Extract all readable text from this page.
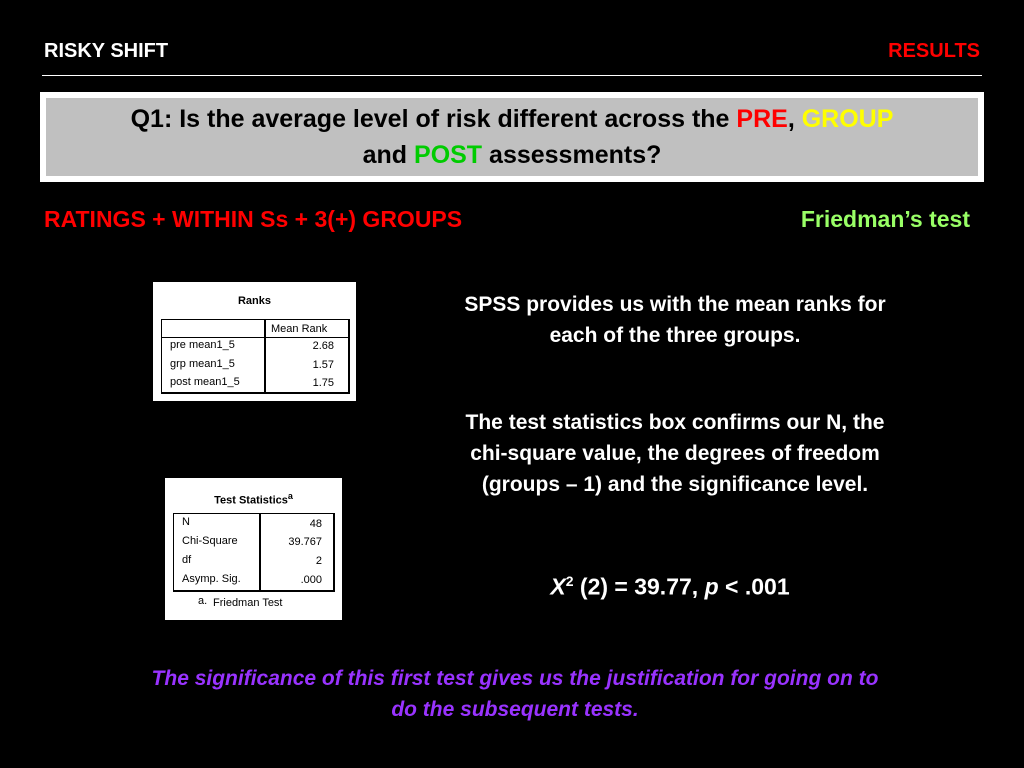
RISKY SHIFT	RESULTS
Q1: Is the average level of risk different across the PRE, GROUP
and POST assessments?
RATINGS + WITHIN Ss + 3(+) GROUPS	Friedman’s test
Ranks
Mean Rank
pre mean1_5	2.68
grp mean1_5	1.57
post mean1_5	1.75
Test Statistics$^a$
N	48
Chi-Square	39.767
df	2
Asymp. Sig.	.000
a. Friedman Test
SPSS provides us with the mean ranks for each of the three groups.
The test statistics box confirms our N, the chi-square value, the degrees of freedom (groups – 1) and the significance level.
$X^2$ (2) = 39.77, p < .001
The significance of this first test gives us the justification for going on to do the subsequent tests.
